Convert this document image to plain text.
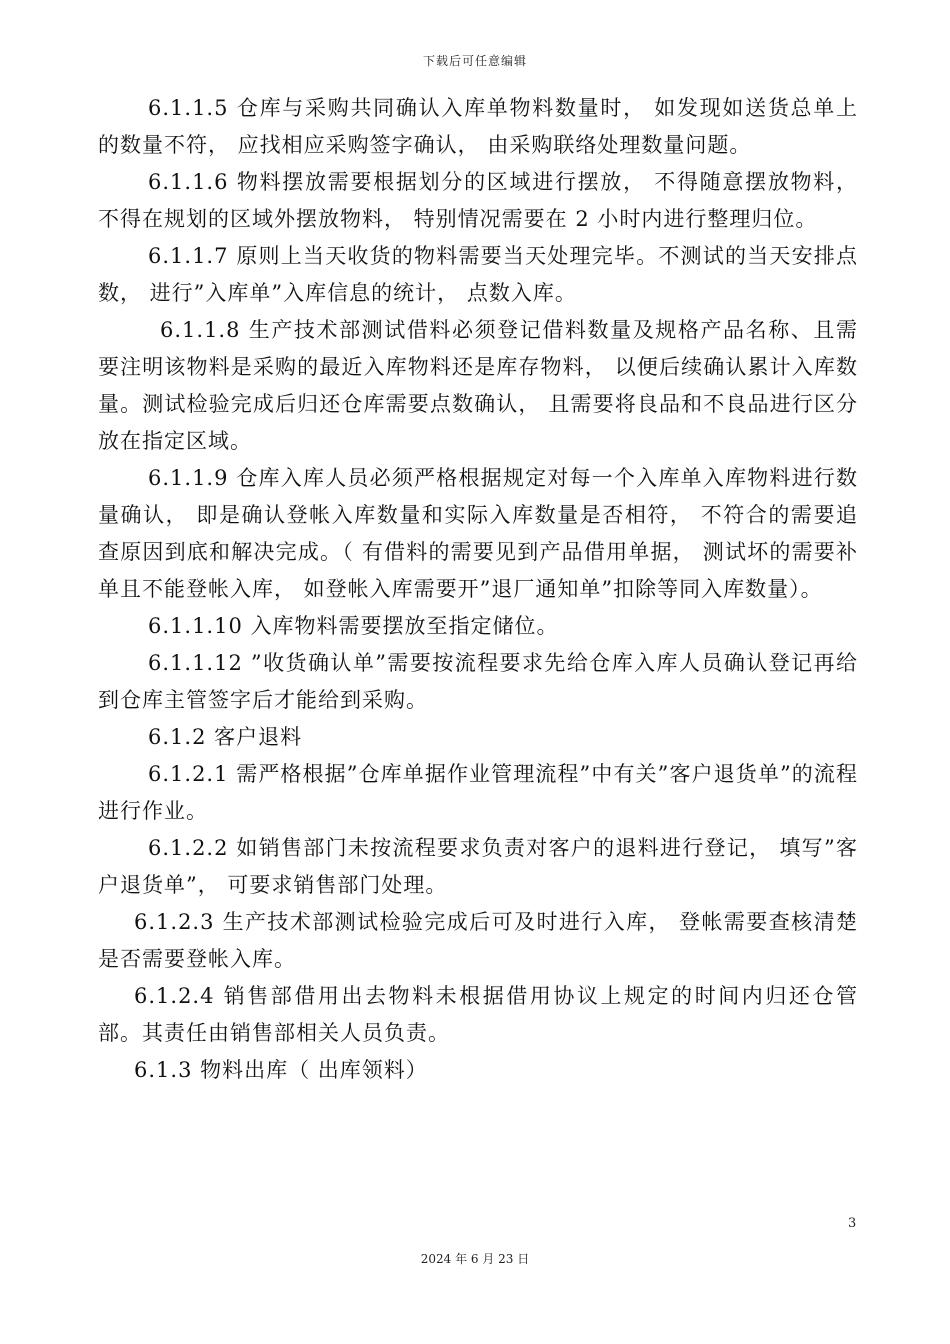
下载后可任意编辑

6.1.1.5 仓库与采购共同确认入库单物料数量时， 如发现如送货总单上的数量不符， 应找相应采购签字确认， 由采购联络处理数量问题。

6.1.1.6 物料摆放需要根据划分的区域进行摆放， 不得随意摆放物料， 不得在规划的区域外摆放物料， 特别情况需要在 2 小时内进行整理归位。

6.1.1.7 原则上当天收货的物料需要当天处理完毕。不测试的当天安排点数， 进行”入库单”入库信息的统计， 点数入库。

6.1.1.8 生产技术部测试借料必须登记借料数量及规格产品名称、且需要注明该物料是采购的最近入库物料还是库存物料， 以便后续确认累计入库数量。测试检验完成后归还仓库需要点数确认， 且需要将良品和不良品进行区分放在指定区域。

6.1.1.9 仓库入库人员必须严格根据规定对每一个入库单入库物料进行数量确认， 即是确认登帐入库数量和实际入库数量是否相符， 不符合的需要追查原因到底和解决完成。（ 有借料的需要见到产品借用单据， 测试坏的需要补单且不能登帐入库， 如登帐入库需要开”退厂通知单”扣除等同入库数量）。

6.1.1.10 入库物料需要摆放至指定储位。

6.1.1.12 ”收货确认单”需要按流程要求先给仓库入库人员确认登记再给到仓库主管签字后才能给到采购。

6.1.2 客户退料

6.1.2.1 需严格根据”仓库单据作业管理流程”中有关”客户退货单”的流程进行作业。

6.1.2.2 如销售部门未按流程要求负责对客户的退料进行登记， 填写”客户退货单”， 可要求销售部门处理。

6.1.2.3 生产技术部测试检验完成后可及时进行入库， 登帐需要查核清楚是否需要登帐入库。

6.1.2.4 销售部借用出去物料未根据借用协议上规定的时间内归还仓管部。其责任由销售部相关人员负责。

6.1.3 物料出库（ 出库领料）

3
2024 年 6 月 23 日
